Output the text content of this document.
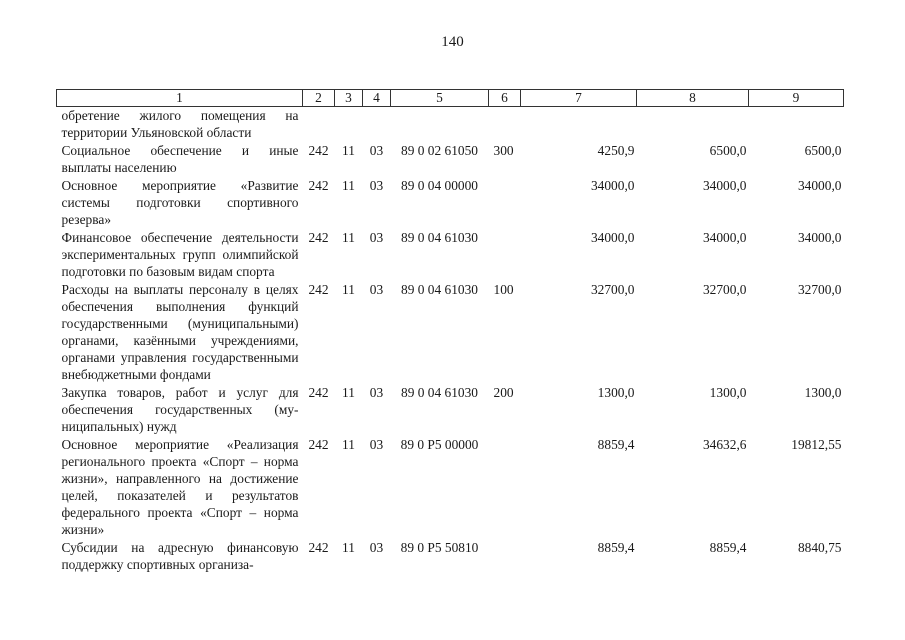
140
1	2	3	4	5	6	7	8	9
обретение жилого помещения на территории Ульяновской области								
Социальное обеспечение и иные выплаты населению	242	11	03	89 0 02 61050	300	4250,9	6500,0	6500,0
Основное мероприятие «Развитие системы подготовки спортивного резерва»	242	11	03	89 0 04 00000		34000,0	34000,0	34000,0
Финансовое обеспечение деятельности экспериментальных групп олимпийской подготовки по базовым видам спорта	242	11	03	89 0 04 61030		34000,0	34000,0	34000,0
Расходы на выплаты персоналу в целях обеспечения выполнения функций государственными (муниципальными) органами, казёнными учреждениями, органами управления государственными внебюджетными фондами	242	11	03	89 0 04 61030	100	32700,0	32700,0	32700,0
Закупка товаров, работ и услуг для обеспечения государственных (муниципальных) нужд	242	11	03	89 0 04 61030	200	1300,0	1300,0	1300,0
Основное мероприятие «Реализация регионального проекта «Спорт – норма жизни», направленного на достижение целей, показателей и результатов федерального проекта «Спорт – норма жизни»	242	11	03	89 0 P5 00000		8859,4	34632,6	19812,55
Субсидии на адресную финансовую поддержку спортивных организа-	242	11	03	89 0 P5 50810		8859,4	8859,4	8840,75
